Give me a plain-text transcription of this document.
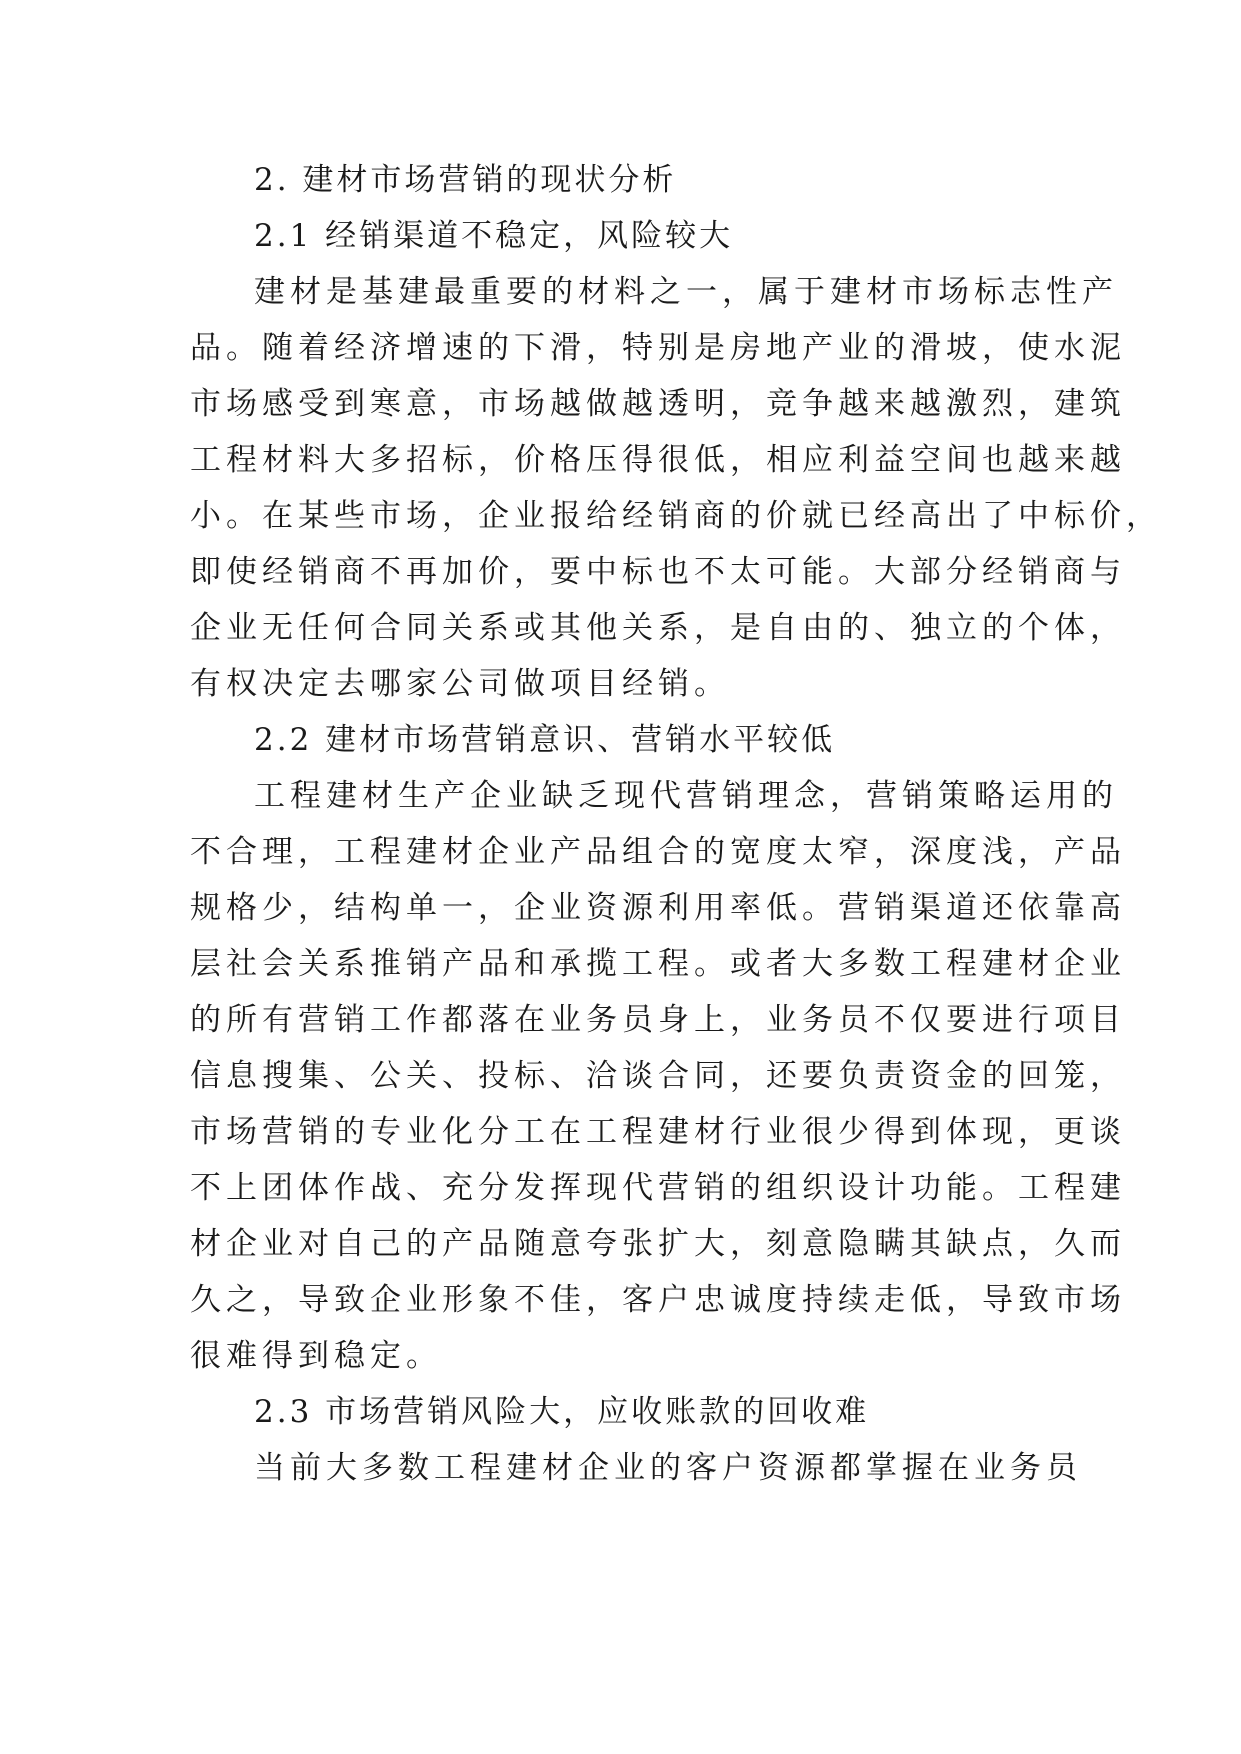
2. 建材市场营销的现状分析
2.1 经销渠道不稳定，风险较大

建材是基建最重要的材料之一，属于建材市场标志性产
品。随着经济增速的下滑，特别是房地产业的滑坡，使水泥
市场感受到寒意，市场越做越透明，竞争越来越激烈，建筑
工程材料大多招标，价格压得很低，相应利益空间也越来越
小。在某些市场，企业报给经销商的价就已经高出了中标价，
即使经销商不再加价，要中标也不太可能。大部分经销商与
企业无任何合同关系或其他关系，是自由的、独立的个体，
有权决定去哪家公司做项目经销。

2.2 建材市场营销意识、营销水平较低

工程建材生产企业缺乏现代营销理念，营销策略运用的
不合理，工程建材企业产品组合的宽度太窄，深度浅，产品
规格少，结构单一，企业资源利用率低。营销渠道还依靠高
层社会关系推销产品和承揽工程。或者大多数工程建材企业
的所有营销工作都落在业务员身上，业务员不仅要进行项目
信息搜集、公关、投标、洽谈合同，还要负责资金的回笼，
市场营销的专业化分工在工程建材行业很少得到体现，更谈
不上团体作战、充分发挥现代营销的组织设计功能。工程建
材企业对自己的产品随意夸张扩大，刻意隐瞒其缺点，久而
久之，导致企业形象不佳，客户忠诚度持续走低，导致市场
很难得到稳定。

2.3 市场营销风险大，应收账款的回收难

当前大多数工程建材企业的客户资源都掌握在业务员
